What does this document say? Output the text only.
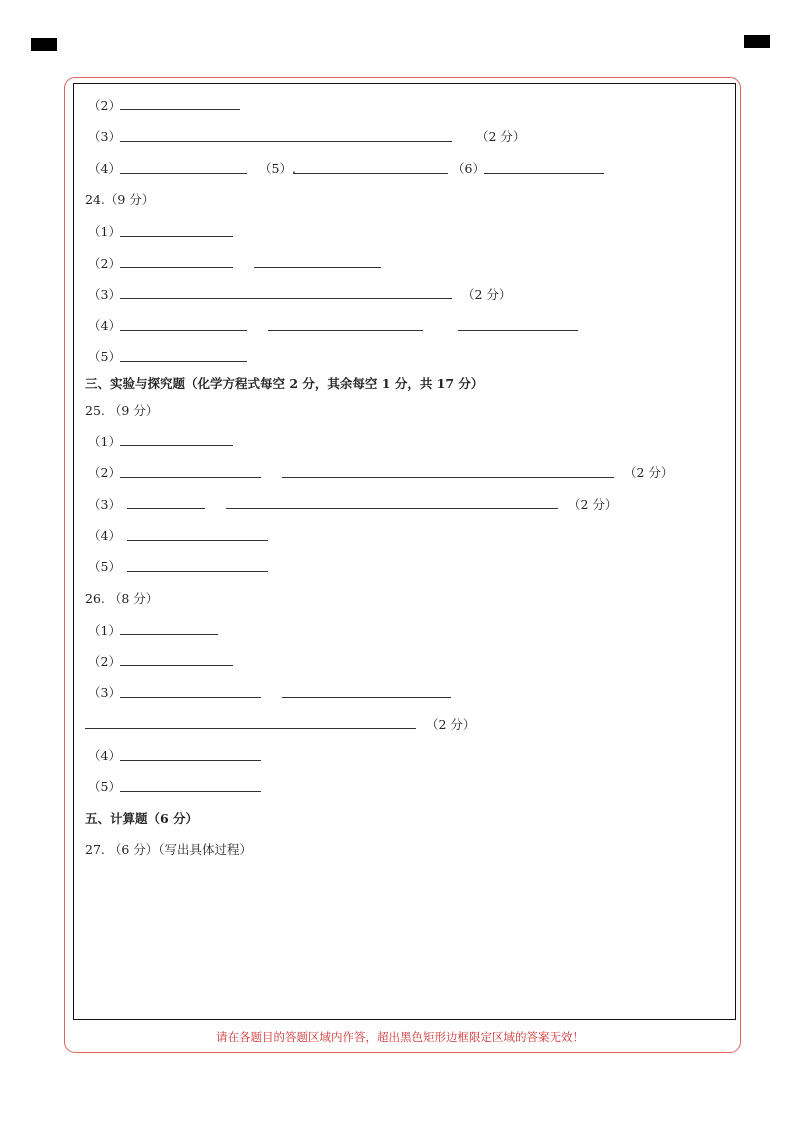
（2）
（3）	（2 分）
（4）	（5）.	（6）
24.（9 分）
（1）
（2）
（3）	（2 分）
（4）
（5）
三、实验与探究题（化学方程式每空 2 分，其余每空 1 分，共 17 分）
25. （9 分）
（1）
（2）	（2 分）
（3）	（2 分）
（4）
（5）
26. （8 分）
（1）
（2）
（3）
（2 分）
（4）
（5）
五、计算题（6 分）
27. （6 分）（写出具体过程）
请在各题目的答题区域内作答，超出黑色矩形边框限定区域的答案无效！
